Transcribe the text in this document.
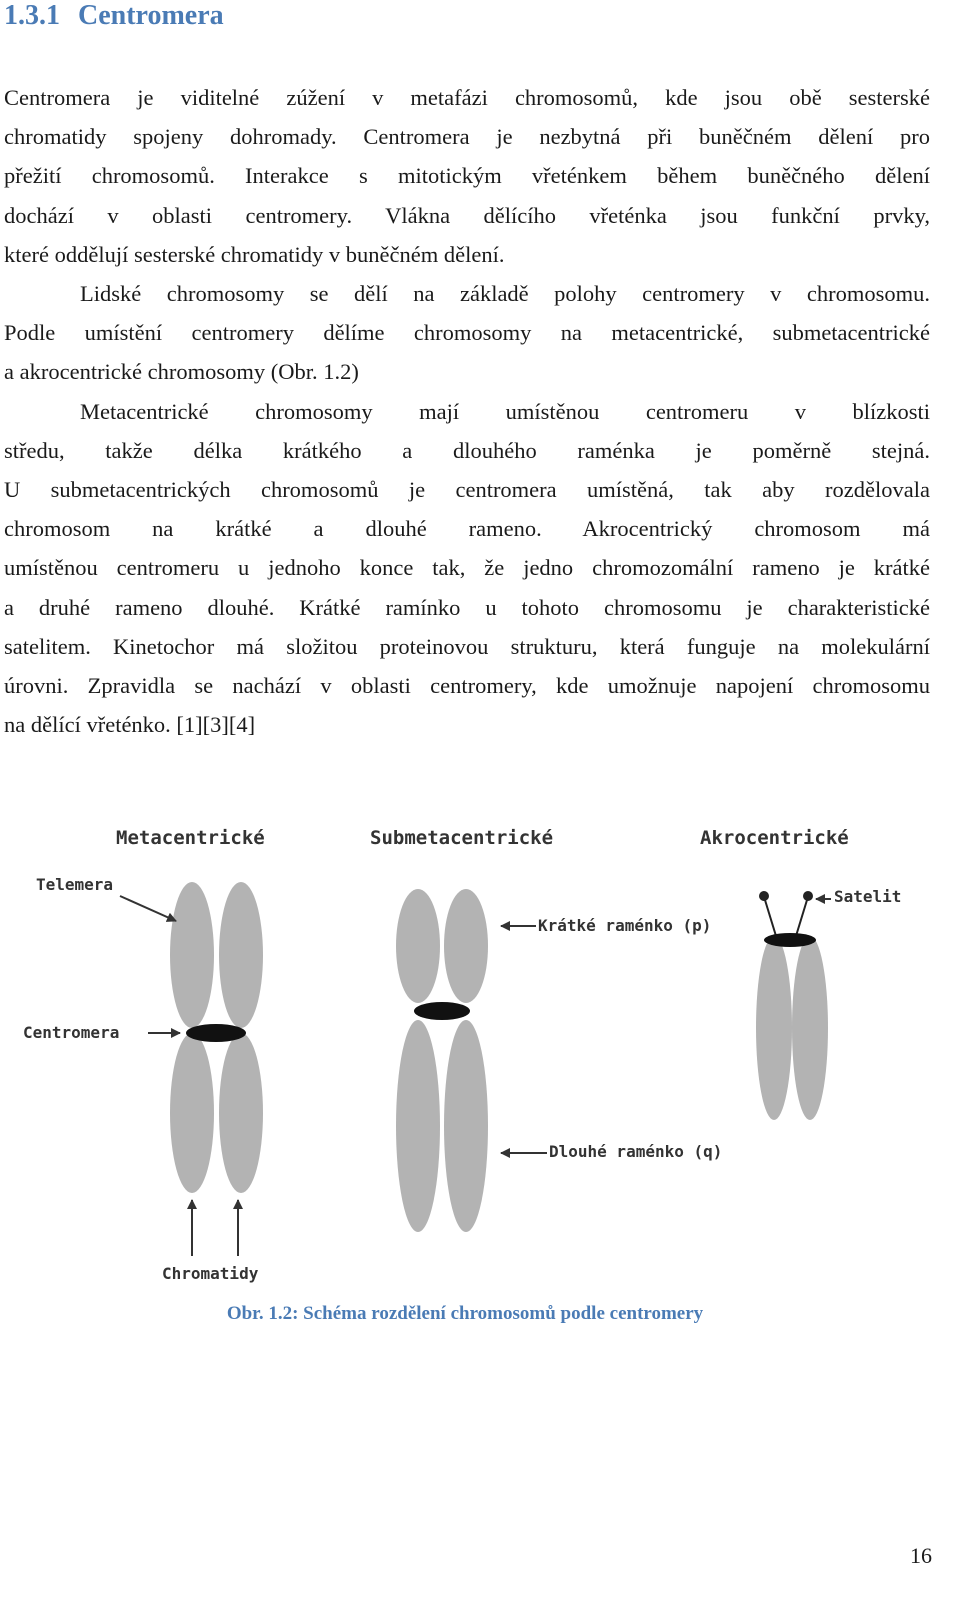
1.3.1 Centromera
Centromera je viditelné zúžení v metafázi chromosomů, kde jsou obě sesterské
chromatidy spojeny dohromady. Centromera je nezbytná při buněčném dělení pro
přežití chromosomů. Interakce s mitotickým vřeténkem během buněčného dělení
dochází v oblasti centromery. Vlákna dělícího vřeténka jsou funkční prvky,
které oddělují sesterské chromatidy v buněčném dělení.
Lidské chromosomy se dělí na základě polohy centromery v chromosomu.
Podle umístění centromery dělíme chromosomy na metacentrické, submetacentrické
a akrocentrické chromosomy (Obr. 1.2)
Metacentrické chromosomy mají umístěnou centromeru v blízkosti
středu, takže délka krátkého a dlouhého raménka je poměrně stejná.
U submetacentrických chromosomů je centromera umístěná, tak aby rozdělovala
chromosom na krátké a dlouhé rameno. Akrocentrický chromosom má
umístěnou centromeru u jednoho konce tak, že jedno chromozomální rameno je krátké
a druhé rameno dlouhé. Krátké ramínko u tohoto chromosomu je charakteristické
satelitem. Kinetochor má složitou proteinovou strukturu, která funguje na molekulární
úrovni. Zpravidla se nachází v oblasti centromery, kde umožnuje napojení chromosomu
na dělící vřeténko. [1][3][4]
Metacentrické	Submetacentrické	Akrocentrické
Telemera
Centromera
Chromatidy
Krátké raménko (p)
Dlouhé raménko (q)
Satelit
Obr. 1.2: Schéma rozdělení chromosomů podle centromery
16
